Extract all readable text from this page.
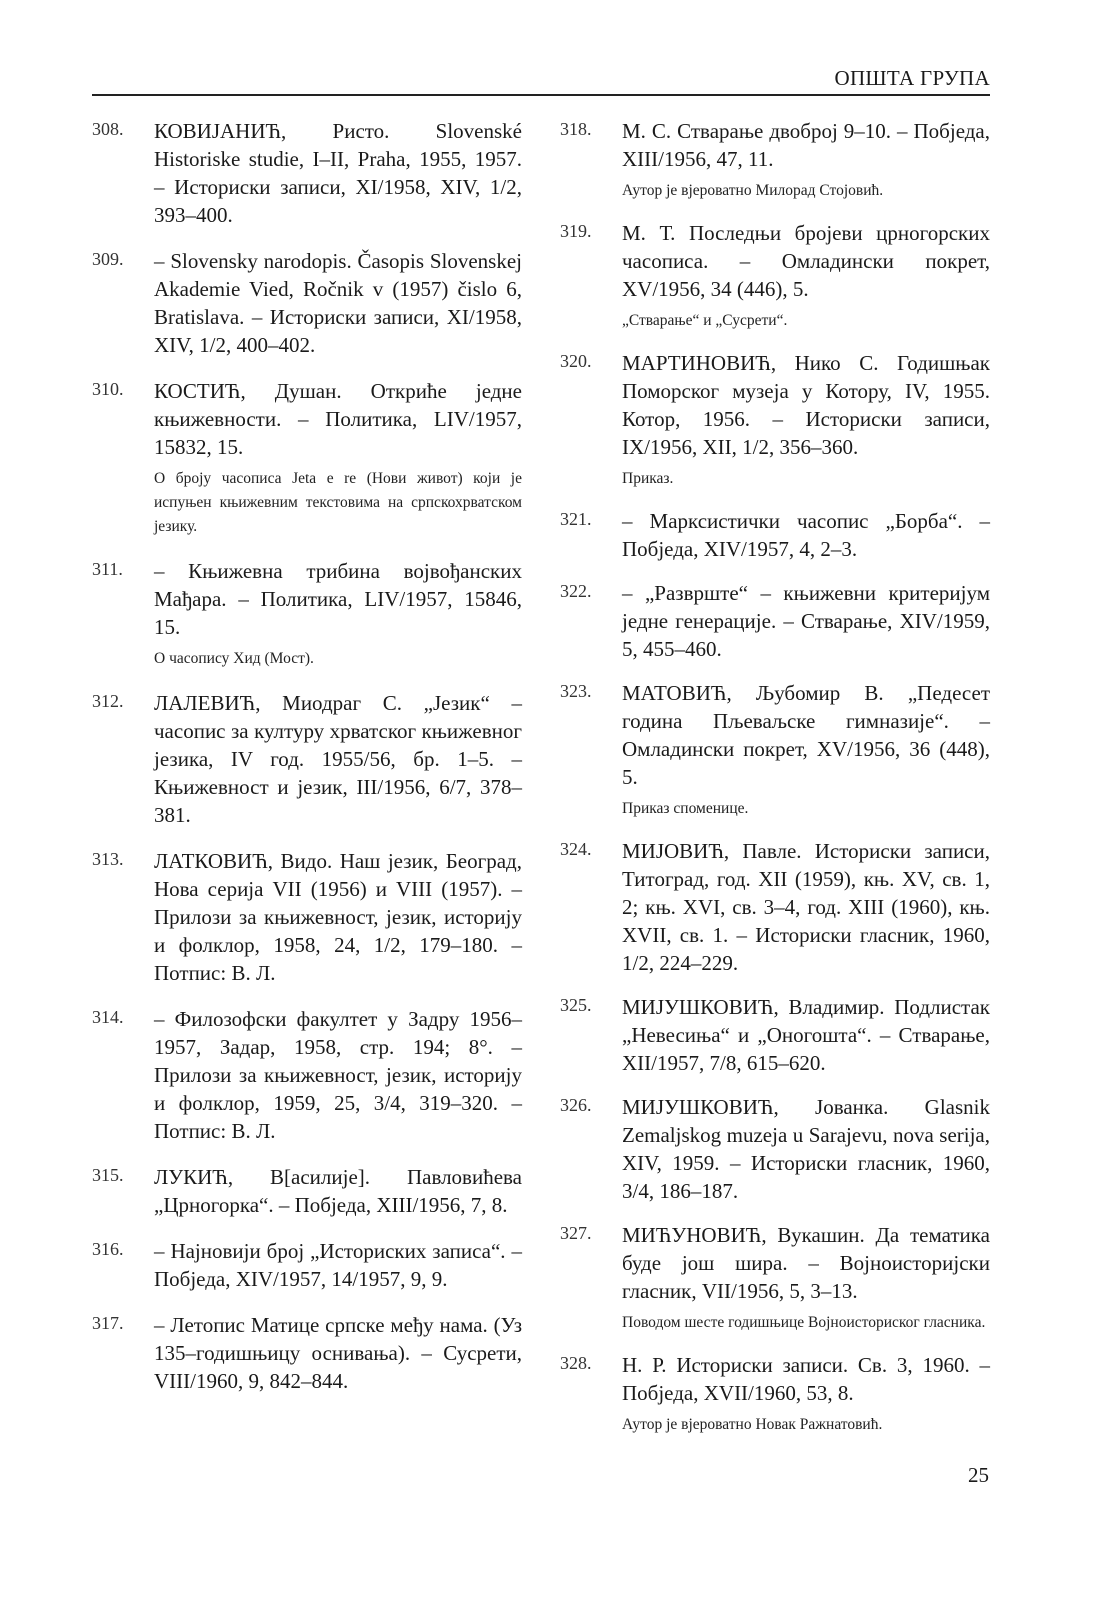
ОПШТА ГРУПА
308. КОВИЈАНИЋ, Ристо. Slovenské Historiske studie, I–II, Praha, 1955, 1957. – Историски записи, XI/1958, XIV, 1/2, 393–400.
309. – Slovensky narodopis. Časopis Slovenskej Akademie Vied, Ročnik v (1957) čislo 6, Bratislava. – Историски записи, XI/1958, XIV, 1/2, 400–402.
310. КОСТИЋ, Душан. Откриће једне књижевности. – Политика, LIV/1957, 15832, 15.
О броју часописа Jeta e re (Нови живот) који је испуњен књижевним текстовима на српскохрватском језику.
311. – Књижевна трибина војвођанских Мађара. – Политика, LIV/1957, 15846, 15.
О часопису Хид (Мост).
312. ЛАЛЕВИЋ, Миодраг С. „Језик“ – часопис за културу хрватског књижевног језика, IV год. 1955/56, бр. 1–5. – Књижевност и језик, III/1956, 6/7, 378–381.
313. ЛАТКОВИЋ, Видо. Наш језик, Београд, Нова серија VII (1956) и VIII (1957). – Прилози за књижевност, језик, историју и фолклор, 1958, 24, 1/2, 179–180. – Потпис: В. Л.
314. – Филозофски факултет у Задру 1956–1957, Задар, 1958, стр. 194; 8°. – Прилози за књижевност, језик, историју и фолклор, 1959, 25, 3/4, 319–320. – Потпис: В. Л.
315. ЛУКИЋ, В[асилије]. Павловићева „Црногорка“. – Побједа, XIII/1956, 7, 8.
316. – Најновији број „Историских записа“. – Побједа, XIV/1957, 14/1957, 9, 9.
317. – Летопис Матице српске међу нама. (Уз 135–годишњицу оснивања). – Сусрети, VIII/1960, 9, 842–844.
318. М. С. Стварање двоброј 9–10. – Побједа, XIII/1956, 47, 11.
Аутор је вјероватно Милорад Стојовић.
319. М. Т. Последњи бројеви црногорских часописа. – Омладински покрет, XV/1956, 34 (446), 5.
„Стварање“ и „Сусрети“.
320. МАРТИНОВИЋ, Нико С. Годишњак Поморског музеја у Котору, IV, 1955. Котор, 1956. – Историски записи, IX/1956, XII, 1/2, 356–360.
Приказ.
321. – Марксистички часопис „Борба“. – Побједа, XIV/1957, 4, 2–3.
322. – „Разврште“ – књижевни критеријум једне генерације. – Стварање, XIV/1959, 5, 455–460.
323. МАТОВИЋ, Љубомир В. „Педесет година Пљеваљске гимназије“. – Омладински покрет, XV/1956, 36 (448), 5.
Приказ споменице.
324. МИЈОВИЋ, Павле. Историски записи, Титоград, год. XII (1959), књ. XV, св. 1, 2; књ. XVI, св. 3–4, год. XIII (1960), књ. XVII, св. 1. – Историски гласник, 1960, 1/2, 224–229.
325. МИЈУШКОВИЋ, Владимир. Подлистак „Невесиња“ и „Оногошта“. – Стварање, XII/1957, 7/8, 615–620.
326. МИЈУШКОВИЋ, Јованка. Glasnik Zemaljskog muzeja u Sarajevu, nova serija, XIV, 1959. – Историски гласник, 1960, 3/4, 186–187.
327. МИЋУНОВИЋ, Вукашин. Да тематика буде још шира. – Војноисторијски гласник, VII/1956, 5, 3–13.
Поводом шесте годишњице Војноисториског гласника.
328. Н. Р. Историски записи. Св. 3, 1960. – Побједа, XVII/1960, 53, 8.
Аутор је вјероватно Новак Ражнатовић.
25
